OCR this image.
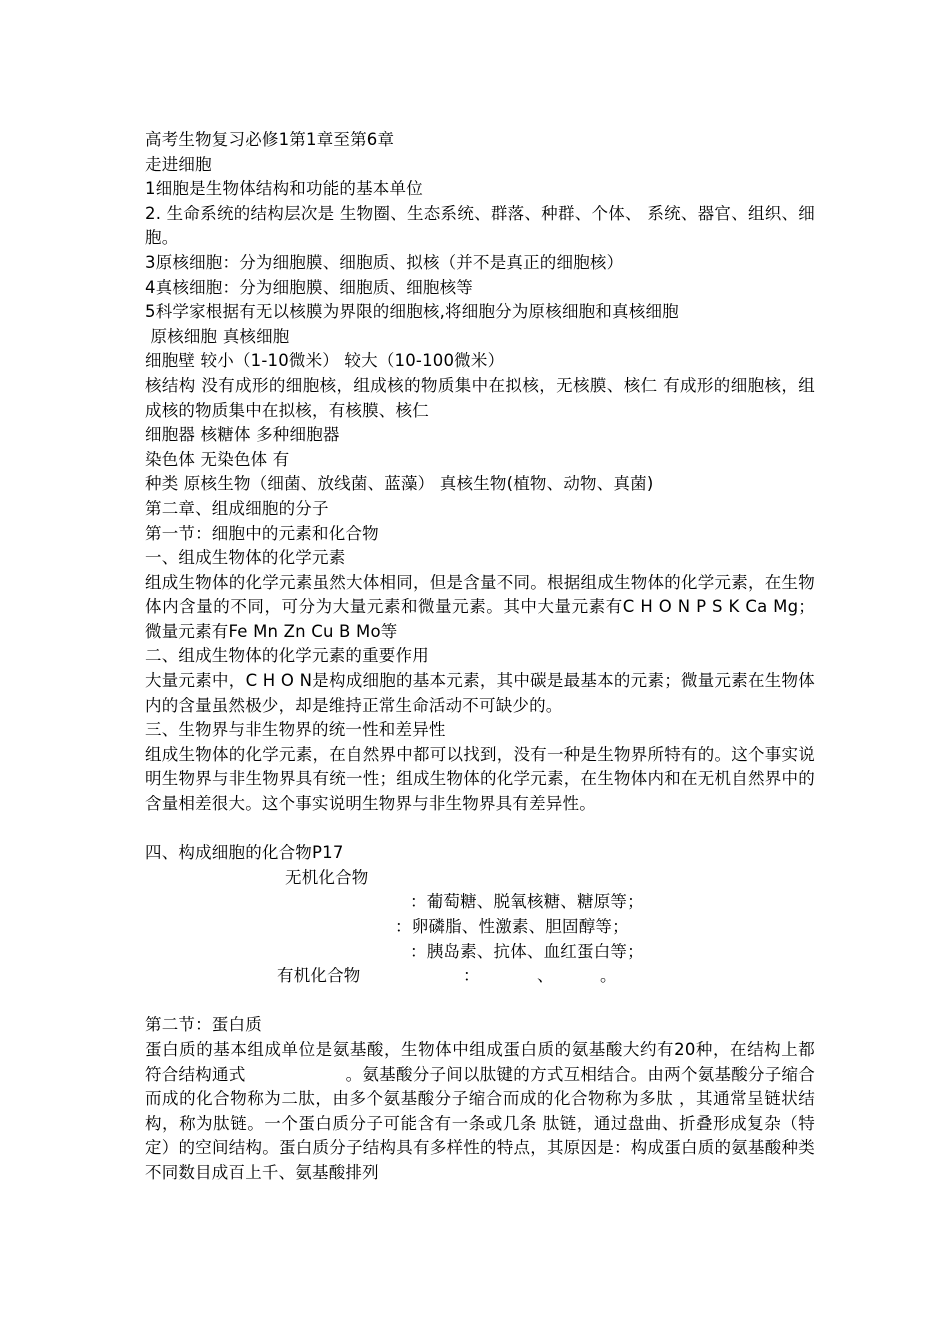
高考生物复习必修1第1章至第6章
走进细胞
1细胞是生物体结构和功能的基本单位
2. 生命系统的结构层次是 生物圈、生态系统、群落、种群、个体、 系统、器官、组织、细胞。
3原核细胞：分为细胞膜、细胞质、拟核（并不是真正的细胞核）
4真核细胞：分为细胞膜、细胞质、细胞核等
5科学家根据有无以核膜为界限的细胞核,将细胞分为原核细胞和真核细胞
原核细胞 真核细胞
细胞壁 较小（1-10微米） 较大（10-100微米）
核结构 没有成形的细胞核，组成核的物质集中在拟核，无核膜、核仁 有成形的细胞核，组成核的物质集中在拟核，有核膜、核仁
细胞器 核糖体 多种细胞器
染色体 无染色体 有
种类 原核生物（细菌、放线菌、蓝藻） 真核生物(植物、动物、真菌)
第二章、组成细胞的分子
第一节：细胞中的元素和化合物
一、组成生物体的化学元素
组成生物体的化学元素虽然大体相同，但是含量不同。根据组成生物体的化学元素，在生物体内含量的不同，可分为大量元素和微量元素。其中大量元素有C H O N P S K Ca Mg；微量元素有Fe Mn Zn Cu B Mo等
二、组成生物体的化学元素的重要作用
大量元素中，C H O N是构成细胞的基本元素，其中碳是最基本的元素；微量元素在生物体内的含量虽然极少，却是维持正常生命活动不可缺少的。
三、生物界与非生物界的统一性和差异性
组成生物体的化学元素，在自然界中都可以找到，没有一种是生物界所特有的。这个事实说明生物界与非生物界具有统一性；组成生物体的化学元素，在生物体内和在无机自然界中的含量相差很大。这个事实说明生物界与非生物界具有差异性。
四、构成细胞的化合物P17
无机化合物
：葡萄糖、脱氧核糖、糖原等；
：卵磷脂、性激素、胆固醇等；
：胰岛素、抗体、血红蛋白等；
有机化合物	：	、	。
第二节：蛋白质
蛋白质的基本组成单位是氨基酸，生物体中组成蛋白质的氨基酸大约有20种，在结构上都符合结构通式	。氨基酸分子间以肽键的方式互相结合。由两个氨基酸分子缩合而成的化合物称为二肽，由多个氨基酸分子缩合而成的化合物称为多肽 ，其通常呈链状结构，称为肽链。一个蛋白质分子可能含有一条或几条 肽链，通过盘曲、折叠形成复杂（特定）的空间结构。蛋白质分子结构具有多样性的特点，其原因是：构成蛋白质的氨基酸种类不同数目成百上千、氨基酸排列
